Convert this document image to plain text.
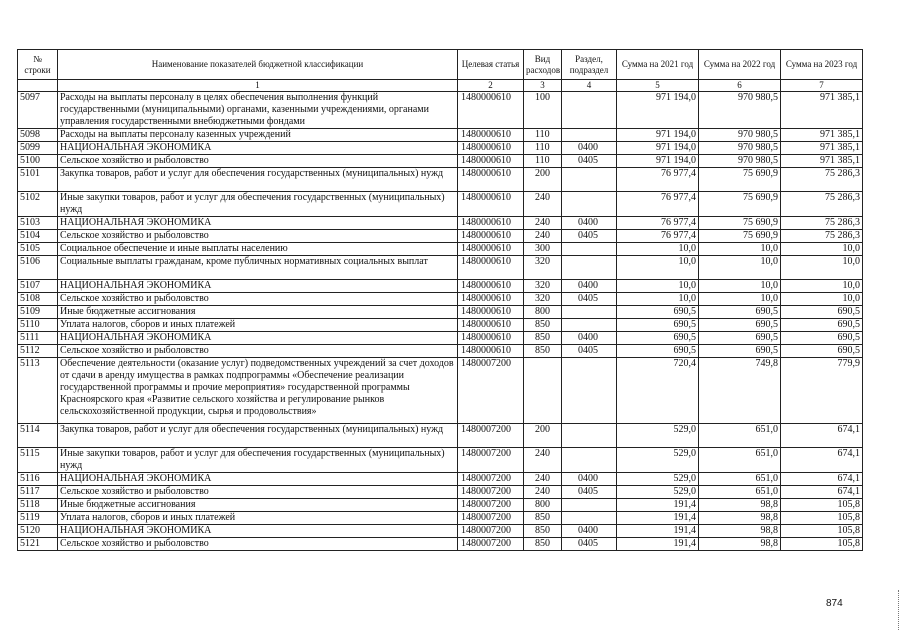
№ строки	Наименование показателей бюджетной классификации	Целевая статья	Вид расходов	Раздел, подраздел	Сумма на 2021 год	Сумма на 2022 год	Сумма на 2023 год
	1	2	3	4	5	6	7
5097	Расходы на выплаты персоналу в целях обеспечения выполнения функций государственными (муниципальными) органами, казенными учреждениями, органами управления государственными внебюджетными фондами	1480000610	100		971 194,0	970 980,5	971 385,1
5098	Расходы на выплаты персоналу казенных учреждений	1480000610	110		971 194,0	970 980,5	971 385,1
5099	НАЦИОНАЛЬНАЯ ЭКОНОМИКА	1480000610	110	0400	971 194,0	970 980,5	971 385,1
5100	Сельское хозяйство и рыболовство	1480000610	110	0405	971 194,0	970 980,5	971 385,1
5101	Закупка товаров, работ и услуг для обеспечения государственных (муниципальных) нужд	1480000610	200		76 977,4	75 690,9	75 286,3
5102	Иные закупки товаров, работ и услуг для обеспечения государственных (муниципальных) нужд	1480000610	240		76 977,4	75 690,9	75 286,3
5103	НАЦИОНАЛЬНАЯ ЭКОНОМИКА	1480000610	240	0400	76 977,4	75 690,9	75 286,3
5104	Сельское хозяйство и рыболовство	1480000610	240	0405	76 977,4	75 690,9	75 286,3
5105	Социальное обеспечение и иные выплаты населению	1480000610	300		10,0	10,0	10,0
5106	Социальные выплаты гражданам, кроме публичных нормативных социальных выплат	1480000610	320		10,0	10,0	10,0
5107	НАЦИОНАЛЬНАЯ ЭКОНОМИКА	1480000610	320	0400	10,0	10,0	10,0
5108	Сельское хозяйство и рыболовство	1480000610	320	0405	10,0	10,0	10,0
5109	Иные бюджетные ассигнования	1480000610	800		690,5	690,5	690,5
5110	Уплата налогов, сборов и иных платежей	1480000610	850		690,5	690,5	690,5
5111	НАЦИОНАЛЬНАЯ ЭКОНОМИКА	1480000610	850	0400	690,5	690,5	690,5
5112	Сельское хозяйство и рыболовство	1480000610	850	0405	690,5	690,5	690,5
5113	Обеспечение деятельности (оказание услуг) подведомственных учреждений за счет доходов от сдачи в аренду имущества в рамках подпрограммы «Обеспечение реализации государственной программы и прочие мероприятия» государственной программы Красноярского края «Развитие сельского хозяйства и регулирование рынков сельскохозяйственной продукции, сырья и продовольствия»	1480007200			720,4	749,8	779,9
5114	Закупка товаров, работ и услуг для обеспечения государственных (муниципальных) нужд	1480007200	200		529,0	651,0	674,1
5115	Иные закупки товаров, работ и услуг для обеспечения государственных (муниципальных) нужд	1480007200	240		529,0	651,0	674,1
5116	НАЦИОНАЛЬНАЯ ЭКОНОМИКА	1480007200	240	0400	529,0	651,0	674,1
5117	Сельское хозяйство и рыболовство	1480007200	240	0405	529,0	651,0	674,1
5118	Иные бюджетные ассигнования	1480007200	800		191,4	98,8	105,8
5119	Уплата налогов, сборов и иных платежей	1480007200	850		191,4	98,8	105,8
5120	НАЦИОНАЛЬНАЯ ЭКОНОМИКА	1480007200	850	0400	191,4	98,8	105,8
5121	Сельское хозяйство и рыболовство	1480007200	850	0405	191,4	98,8	105,8
874
